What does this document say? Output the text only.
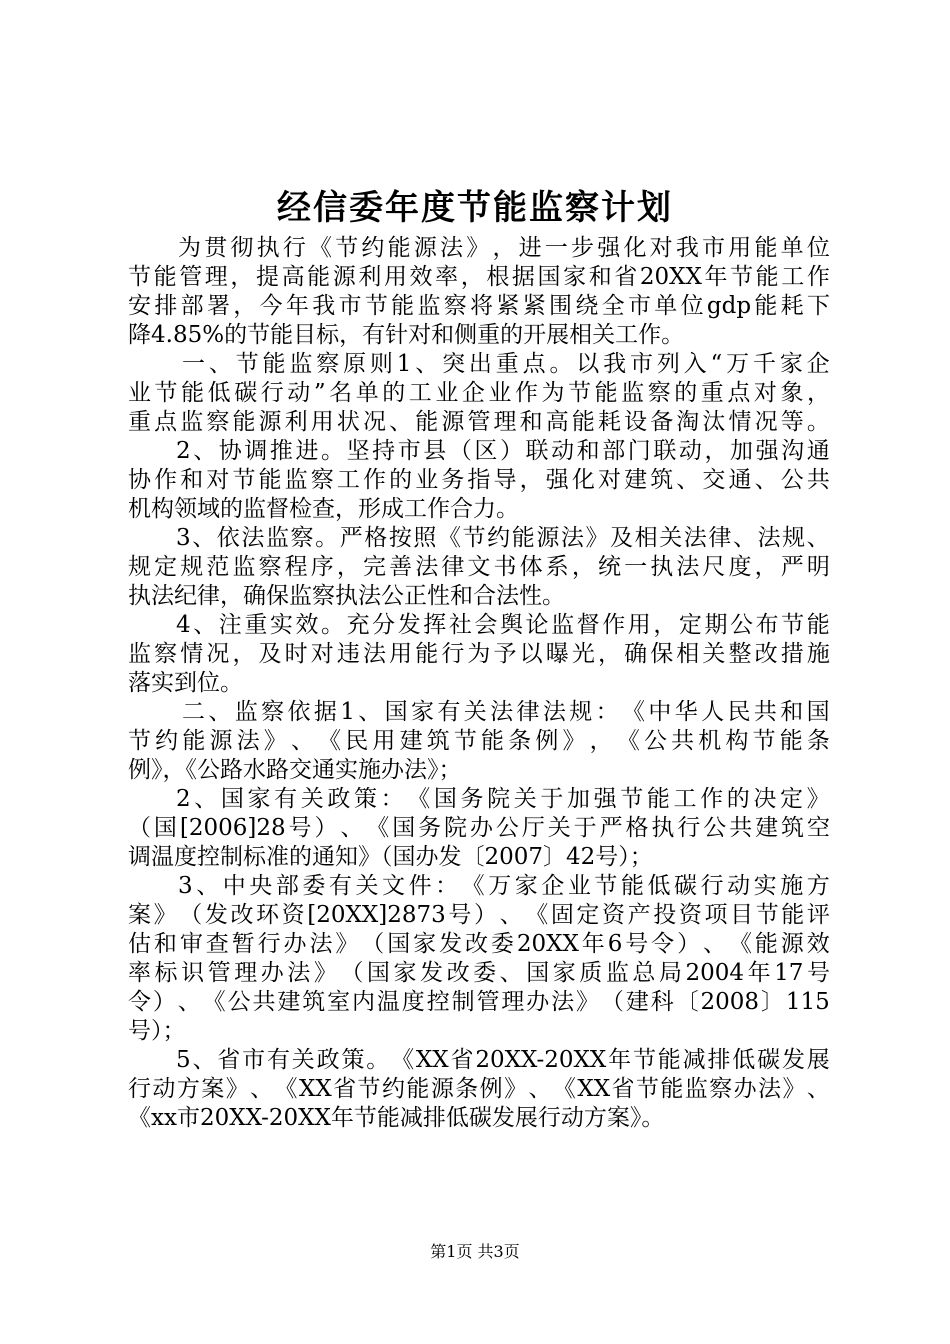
经信委年度节能监察计划
为 贯 彻 执 行 《 节 约 能 源 法 》 ， 进 一 步 强 化 对 我 市 用 能 单 位
节 能 管 理 ， 提 高 能 源 利 用 效 率 ， 根 据 国 家 和 省 20XX 年 节 能 工 作
安 排 部 署 ， 今 年 我 市 节 能 监 察 将 紧 紧 围 绕 全 市 单 位 gdp 能 耗 下
降4.85%的节能目标，有针对和侧重的开展相关工作。
一 、 节 能 监 察 原 则 1 、 突 出 重 点 。 以 我 市 列 入 “ 万 千 家 企
业 节 能 低 碳 行 动 ” 名 单 的 工 业 企 业 作 为 节 能 监 察 的 重 点 对 象 ，
重 点 监 察 能 源 利 用 状 况 、 能 源 管 理 和 高 能 耗 设 备 淘 汰 情 况 等 。
2 、 协 调 推 进 。 坚 持 市 县 （ 区 ） 联 动 和 部 门 联 动 ， 加 强 沟 通
协 作 和 对 节 能 监 察 工 作 的 业 务 指 导 ， 强 化 对 建 筑 、 交 通 、 公 共
机构领域的监督检查，形成工作合力。
3 、 依 法 监 察 。 严 格 按 照 《 节 约 能 源 法 》 及 相 关 法 律 、 法 规 、
规 定 规 范 监 察 程 序 ， 完 善 法 律 文 书 体 系 ， 统 一 执 法 尺 度 ， 严 明
执法纪律，确保监察执法公正性和合法性。
4 、 注 重 实 效 。 充 分 发 挥 社 会 舆 论 监 督 作 用 ， 定 期 公 布 节 能
监 察 情 况 ， 及 时 对 违 法 用 能 行 为 予 以 曝 光 ， 确 保 相 关 整 改 措 施
落实到位。
二 、 监 察 依 据 1 、 国 家 有 关 法 律 法 规 ： 《 中 华 人 民 共 和 国
节 约 能 源 法 》 、 《 民 用 建 筑 节 能 条 例 》 ， 《 公 共 机 构 节 能 条
例》，《公路水路交通实施办法》；
2 、 国 家 有 关 政 策 ： 《 国 务 院 关 于 加 强 节 能 工 作 的 决 定 》
（ 国 [2006]28 号 ） 、 《 国 务 院 办 公 厅 关 于 严 格 执 行 公 共 建 筑 空
调温度控制标准的通知》（国办发〔2007〕42号）；
3 、 中 央 部 委 有 关 文 件 ： 《 万 家 企 业 节 能 低 碳 行 动 实 施 方
案 》 （ 发 改 环 资 [20XX]2873 号 ） 、 《 固 定 资 产 投 资 项 目 节 能 评
估 和 审 查 暂 行 办 法 》 （ 国 家 发 改 委 20XX 年 6 号 令 ） 、 《 能 源 效
率 标 识 管 理 办 法 》 （ 国 家 发 改 委 、 国 家 质 监 总 局 2004 年 17 号
令 ） 、 《 公 共 建 筑 室 内 温 度 控 制 管 理 办 法 》 （ 建 科 〔 2008 〕 115
号）；
5 、 省 市 有 关 政 策 。 《 XX 省 20XX-20XX 年 节 能 减 排 低 碳 发 展
行 动 方 案 》 、 《 XX 省 节 约 能 源 条 例 》 、 《 XX 省 节 能 监 察 办 法 》 、
《xx市20XX-20XX年节能减排低碳发展行动方案》。
第1页 共3页
